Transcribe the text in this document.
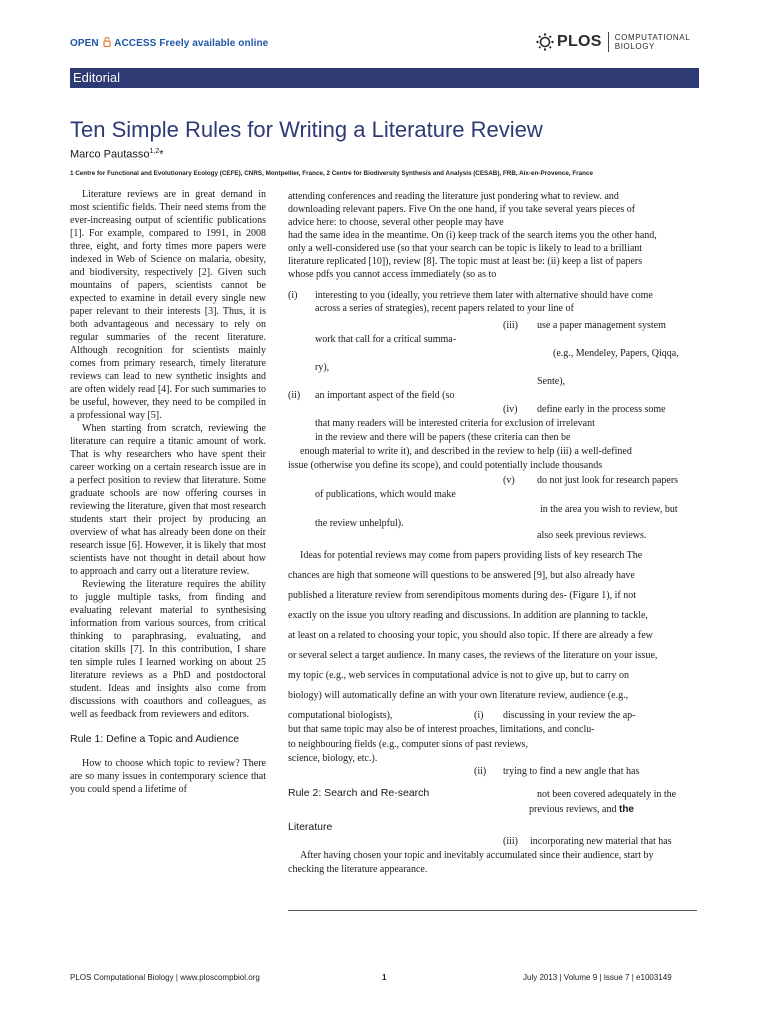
OPEN ACCESS Freely available online	PLOS COMPUTATIONAL
BIOLOGY
Editorial
Ten Simple Rules for Writing a Literature Review
Marco Pautasso$^{1,2}$*
1 Centre for Functional and Evolutionary Ecology (CEFE), CNRS, Montpellier, France, 2 Centre for Biodiversity Synthesis and Analysis (CESAB), FRB, Aix-en-Provence, France

Literature reviews are in great demand in most scientific fields. Their need stems from the ever-increasing output of scientific publications [1]. For example, compared to 1991, in 2008 three, eight, and forty times more papers were indexed in Web of Science on malaria, obesity, and biodiversity, respectively [2]. Given such mountains of papers, scientists cannot be expected to examine in detail every single new paper relevant to their interests [3]. Thus, it is both advantageous and necessary to rely on regular summaries of the recent literature. Although recognition for scientists mainly comes from primary research, timely literature reviews can lead to new synthetic insights and are often widely read [4]. For such summaries to be useful, however, they need to be compiled in a professional way [5].

When starting from scratch, reviewing the literature can require a titanic amount of work. That is why researchers who have spent their career working on a certain research issue are in a perfect position to review that literature. Some graduate schools are now offering courses in reviewing the literature, given that most research students start their project by producing an overview of what has already been done on their research issue [6]. However, it is likely that most scientists have not thought in detail about how to approach and carry out a literature review.

Reviewing the literature requires the ability to juggle multiple tasks, from finding and evaluating relevant material to synthesising information from various sources, from critical thinking to paraphrasing, evaluating, and citation skills [7]. In this contribution, I share ten simple rules I learned working on about 25 literature reviews as a PhD and postdoctoral student. Ideas and insights also come from discussions with coauthors and colleagues, as well as feedback from reviewers and editors.

Rule 1: Define a Topic and Audience

How to choose which topic to review? There are so many issues in contemporary science that you could spend a lifetime of

attending conferences and reading the literature just pondering what to review. and
downloading relevant papers. Five On the one hand, if you take several years pieces of
advice here: to choose, several other people may have
had the same idea in the meantime. On (i) keep track of the search items you the other hand,
only a well-considered use (so that your search can be topic is likely to lead to a brilliant
literature replicated [10]), review [8]. The topic must at least be: (ii) keep a list of papers
whose pdfs you cannot access immediately (so as to
(i) interesting to you (ideally, you retrieve them later with alternative should have come
across a series of strategies), recent papers related to your line of
(iii) use a paper management system
work that call for a critical summa-
(e.g., Mendeley, Papers, Qiqqa,
ry),
Sente),
(ii) an important aspect of the field (so
(iv) define early in the process some
that many readers will be interested criteria for exclusion of irrelevant
in the review and there will be papers (these criteria can then be
enough material to write it), and described in the review to help (iii) a well-defined
issue (otherwise you define its scope), and could potentially include thousands
(v) do not just look for research papers
of publications, which would make
in the area you wish to review, but
the review unhelpful).
also seek previous reviews.
Ideas for potential reviews may come from papers providing lists of key research The
chances are high that someone will questions to be answered [9], but also already have
published a literature review from serendipitous moments during des- (Figure 1), if not
exactly on the issue you ultory reading and discussions. In addition are planning to tackle,
at least on a related to choosing your topic, you should also topic. If there are already a few
or several select a target audience. In many cases, the reviews of the literature on your issue,
my topic (e.g., web services in computational advice is not to give up, but to carry on
biology) will automatically define an with your own literature review, audience (e.g.,
computational biologists),	(i) discussing in your review the ap-
but that same topic may also be of interest proaches, limitations, and conclu-
to neighbouring fields (e.g., computer sions of past reviews,
science, biology, etc.).
(ii) trying to find a new angle that has
Rule 2: Search and Re-search	not been covered adequately in the
previous reviews, and the
Literature
(iii) incorporating new material that has
After having chosen your topic and inevitably accumulated since their audience, start by
checking the literature appearance.
PLOS Computational Biology | www.ploscompbiol.org	1	July 2013 | Volume 9 | Issue 7 | e1003149
